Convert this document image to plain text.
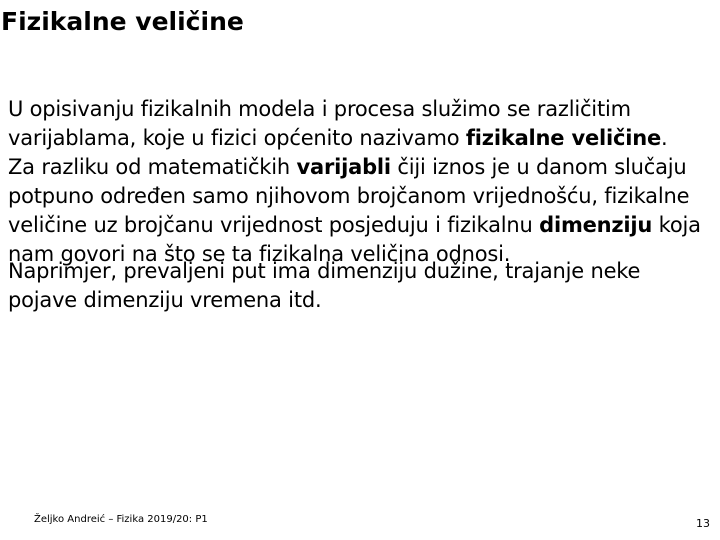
Fizikalne veličine

U opisivanju fizikalnih modela i procesa služimo se različitim varijablama, koje u fizici općenito nazivamo fizikalne veličine.

Za razliku od matematičkih varijabli čiji iznos je u danom slučaju potpuno određen samo njihovom brojčanom vrijednošću, fizikalne veličine uz brojčanu vrijednost posjeduju i fizikalnu dimenziju koja nam govori na što se ta fizikalna veličina odnosi.

Naprimjer, prevaljeni put ima dimenziju dužine, trajanje neke pojave dimenziju vremena itd.

Željko Andreić – Fizika 2019/20: P1	13
